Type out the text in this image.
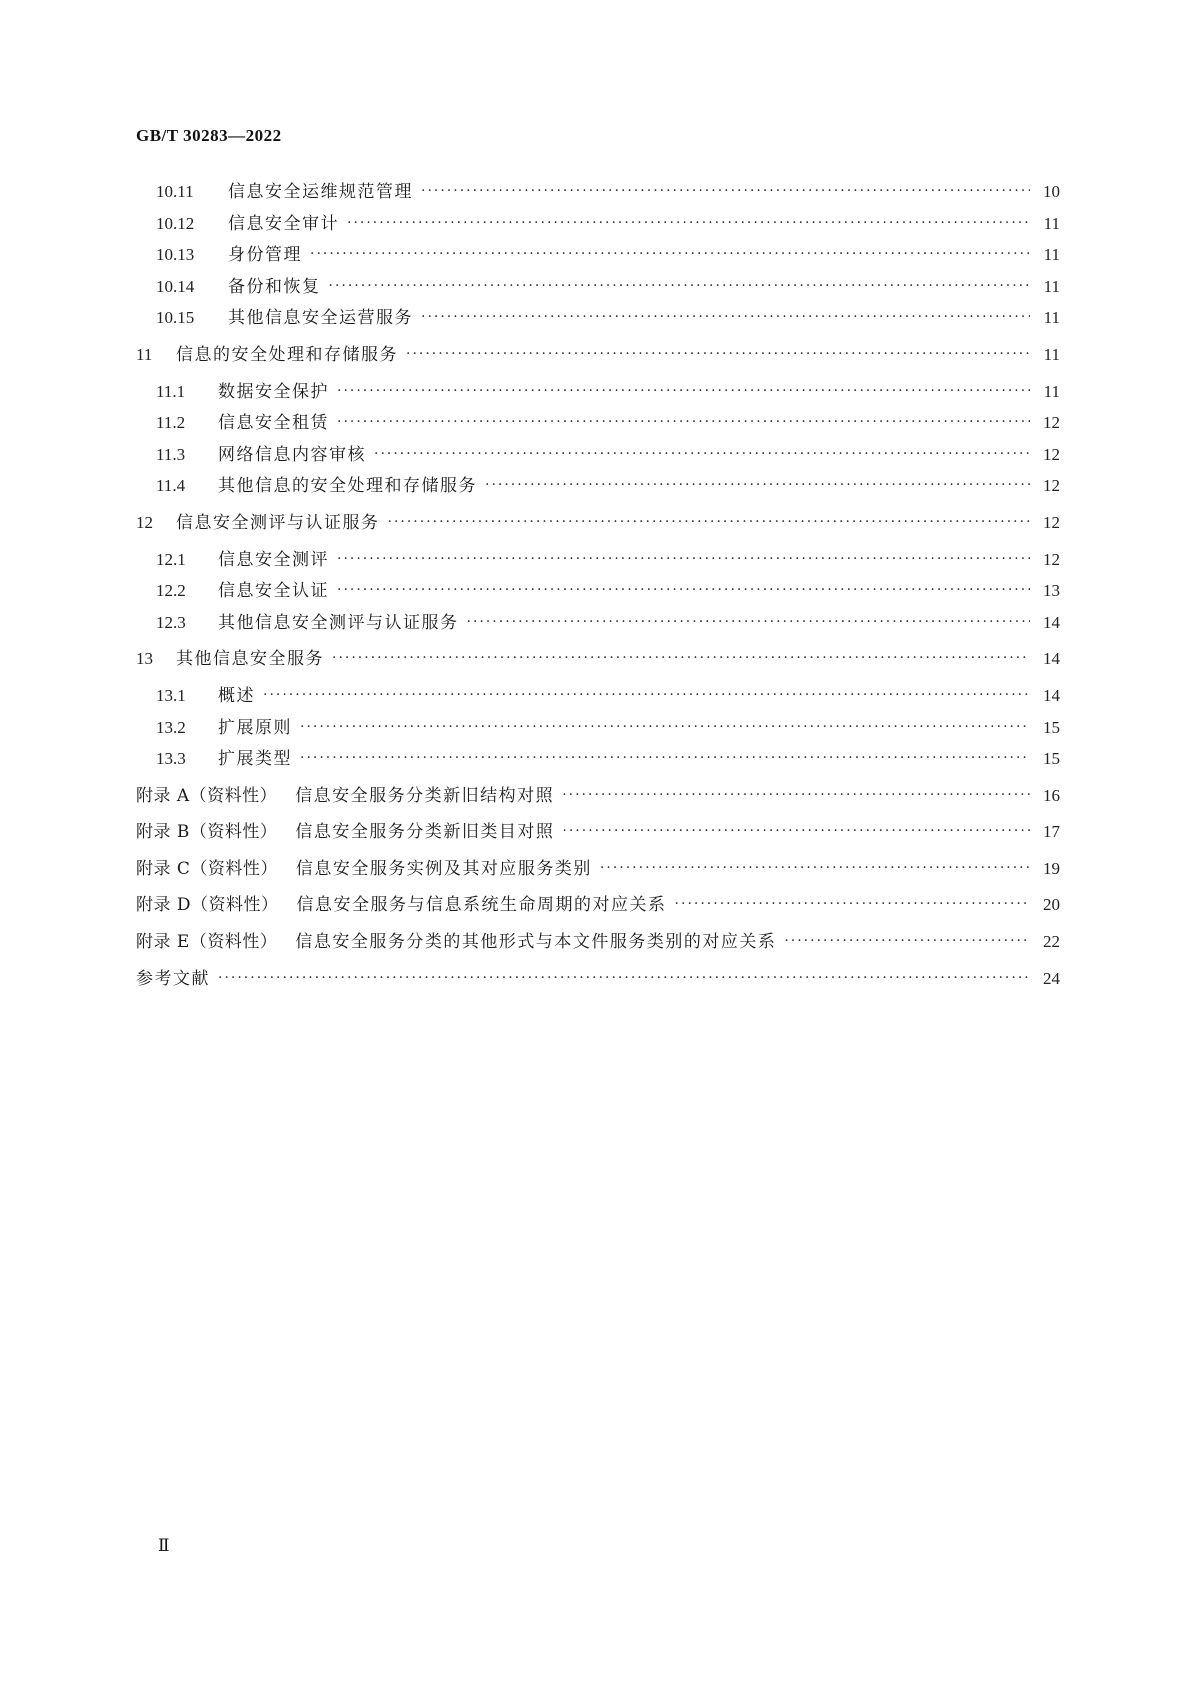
GB/T 30283—2022
10.11	信息安全运维规范管理 ·····	10
10.12	信息安全审计 ·····	11
10.13	身份管理 ·····	11
10.14	备份和恢复 ·····	11
10.15	其他信息安全运营服务 ·····	11
11	信息的安全处理和存储服务 ·····	11
11.1	数据安全保护 ·····	11
11.2	信息安全租赁 ·····	12
11.3	网络信息内容审核 ·····	12
11.4	其他信息的安全处理和存储服务 ·····	12
12	信息安全测评与认证服务 ·····	12
12.1	信息安全测评 ·····	12
12.2	信息安全认证 ·····	13
12.3	其他信息安全测评与认证服务 ·····	14
13	其他信息安全服务 ·····	14
13.1	概述 ·····	14
13.2	扩展原则 ·····	15
13.3	扩展类型 ·····	15
附录 A（资料性） 信息安全服务分类新旧结构对照 ·····	16
附录 B（资料性） 信息安全服务分类新旧类目对照 ·····	17
附录 C（资料性） 信息安全服务实例及其对应服务类别 ·····	19
附录 D（资料性） 信息安全服务与信息系统生命周期的对应关系 ·····	20
附录 E（资料性） 信息安全服务分类的其他形式与本文件服务类别的对应关系 ·····	22
参考文献 ·····	24
Ⅱ
